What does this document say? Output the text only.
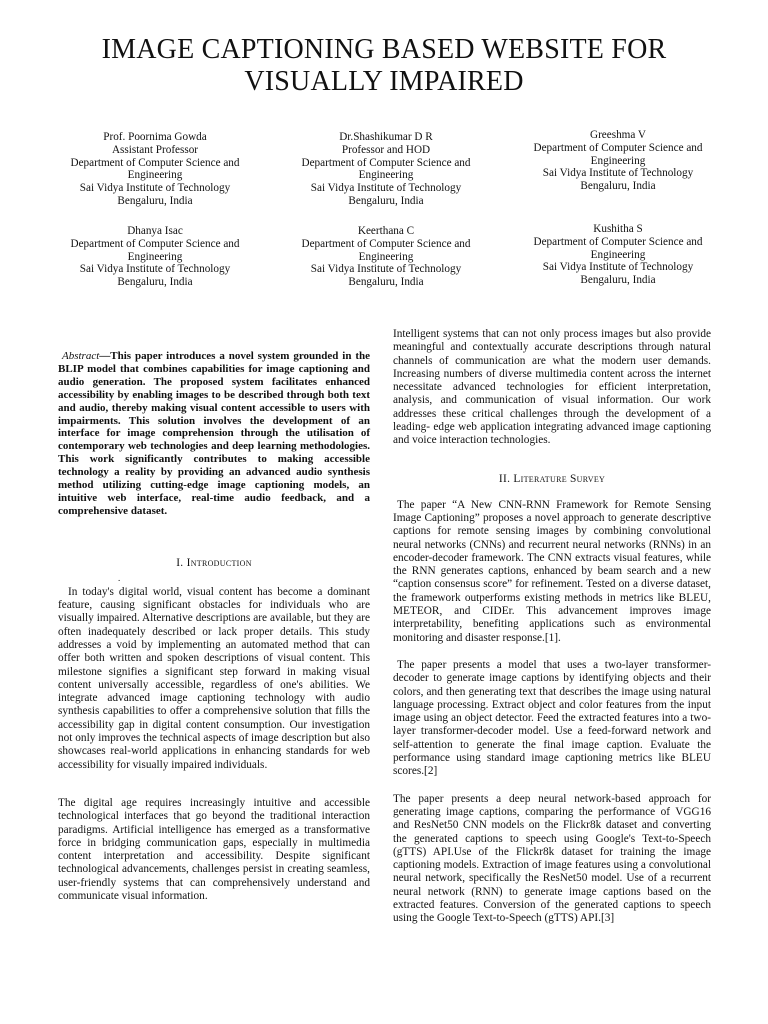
IMAGE CAPTIONING BASED WEBSITE FOR
VISUALLY IMPAIRED
Prof. Poornima Gowda
Assistant Professor
Department of Computer Science and
Engineering
Sai Vidya Institute of Technology
Bengaluru, India
Dr.Shashikumar D R
Professor and HOD
Department of Computer Science and
Engineering
Sai Vidya Institute of Technology
Bengaluru, India
Greeshma V
Department of Computer Science and
Engineering
Sai Vidya Institute of Technology
Bengaluru, India
Dhanya Isac
Department of Computer Science and
Engineering
Sai Vidya Institute of Technology
Bengaluru, India
Keerthana C
Department of Computer Science and
Engineering
Sai Vidya Institute of Technology
Bengaluru, India
Kushitha S
Department of Computer Science and
Engineering
Sai Vidya Institute of Technology
Bengaluru, India

Abstract—This paper introduces a novel system grounded in the BLIP model that combines capabilities for image captioning and audio generation. The proposed system facilitates enhanced accessibility by enabling images to be described through both text and audio, thereby making visual content accessible to users with impairments. This solution involves the development of an interface for image comprehension through the utilisation of contemporary web technologies and deep learning methodologies. This work significantly contributes to making accessible technology a reality by providing an advanced audio synthesis method utilizing cutting-edge image captioning models, an intuitive web interface, real-time audio feedback, and a comprehensive dataset.

I. Introduction

.

In today's digital world, visual content has become a dominant feature, causing significant obstacles for individuals who are visually impaired. Alternative descriptions are available, but they are often inadequately described or lack proper details. This study addresses a void by implementing an automated method that can offer both written and spoken descriptions of visual content. This milestone signifies a significant step forward in making visual content universally accessible, regardless of one's abilities. We integrate advanced image captioning technology with audio synthesis capabilities to offer a comprehensive solution that fills the accessibility gap in digital content consumption. Our investigation not only improves the technical aspects of image description but also showcases real-world applications in enhancing standards for web accessibility for visually impaired individuals.

The digital age requires increasingly intuitive and accessible technological interfaces that go beyond the traditional interaction paradigms. Artificial intelligence has emerged as a transformative force in bridging communication gaps, especially in multimedia content interpretation and accessibility. Despite significant technological advancements, challenges persist in creating seamless, user-friendly systems that can comprehensively understand and communicate visual information.

Intelligent systems that can not only process images but also provide meaningful and contextually accurate descriptions through natural channels of communication are what the modern user demands. Increasing numbers of diverse multimedia content across the internet necessitate advanced technologies for efficient interpretation, analysis, and communication of visual information. Our work addresses these critical challenges through the development of a leading- edge web application integrating advanced image captioning and voice interaction technologies.

II. Literature Survey

The paper “A New CNN-RNN Framework for Remote Sensing Image Captioning” proposes a novel approach to generate descriptive captions for remote sensing images by combining convolutional neural networks (CNNs) and recurrent neural networks (RNNs) in an encoder-decoder framework. The CNN extracts visual features, while the RNN generates captions, enhanced by beam search and a new “caption consensus score” for refinement. Tested on a diverse dataset, the framework outperforms existing methods in metrics like BLEU, METEOR, and CIDEr. This advancement improves image interpretability, benefiting applications such as environmental monitoring and disaster response.[1].

The paper presents a model that uses a two-layer transformer-decoder to generate image captions by identifying objects and their colors, and then generating text that describes the image using natural language processing. Extract object and color features from the input image using an object detector. Feed the extracted features into a two-layer transformer-decoder model. Use a feed-forward network and self-attention to generate the final image caption. Evaluate the performance using standard image captioning metrics like BLEU scores.[2]

The paper presents a deep neural network-based approach for generating image captions, comparing the performance of VGG16 and ResNet50 CNN models on the Flickr8k dataset and converting the generated captions to speech using Google's Text-to-Speech (gTTS) API.Use of the Flickr8k dataset for training the image captioning models. Extraction of image features using a convolutional neural network, specifically the ResNet50 model. Use of a recurrent neural network (RNN) to generate image captions based on the extracted features. Conversion of the generated captions to speech using the Google Text-to-Speech (gTTS) API.[3]
